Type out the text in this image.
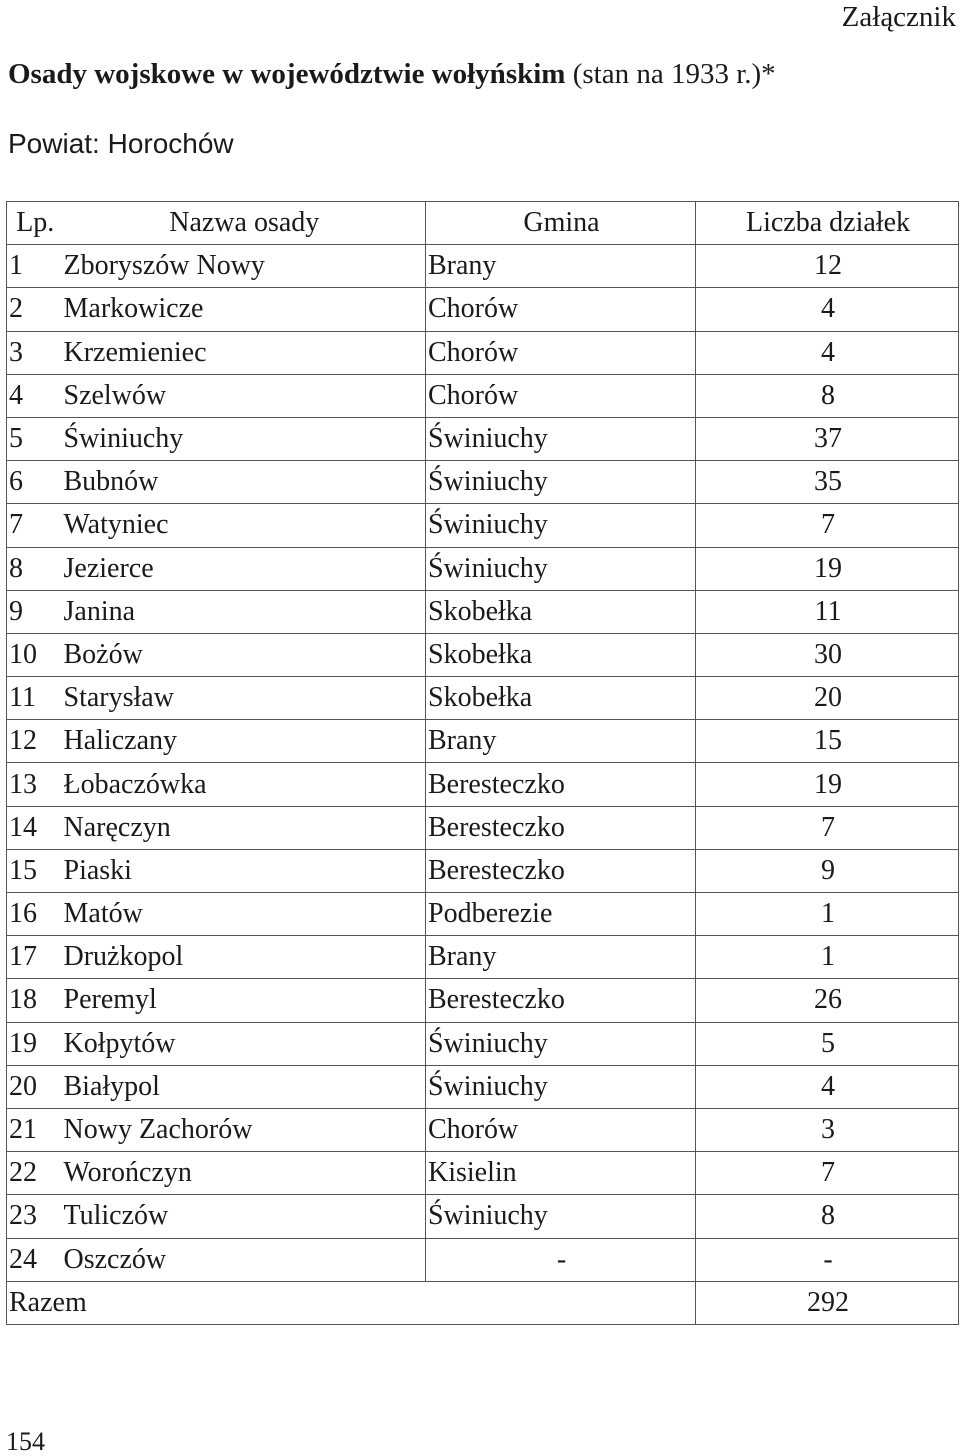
Załącznik
Osady wojskowe w województwie wołyńskim (stan na 1933 r.)*
Powiat: Horochów
Lp.	Nazwa osady	Gmina	Liczba działek
1	Zboryszów Nowy	Brany	12
2	Markowicze	Chorów	4
3	Krzemieniec	Chorów	4
4	Szelwów	Chorów	8
5	Świniuchy	Świniuchy	37
6	Bubnów	Świniuchy	35
7	Watyniec	Świniuchy	7
8	Jezierce	Świniuchy	19
9	Janina	Skobełka	11
10	Bożów	Skobełka	30
11	Starysław	Skobełka	20
12	Haliczany	Brany	15
13	Łobaczówka	Beresteczko	19
14	Naręczyn	Beresteczko	7
15	Piaski	Beresteczko	9
16	Matów	Podberezie	1
17	Drużkopol	Brany	1
18	Peremyl	Beresteczko	26
19	Kołpytów	Świniuchy	5
20	Białypol	Świniuchy	4
21	Nowy Zachorów	Chorów	3
22	Worończyn	Kisielin	7
23	Tuliczów	Świniuchy	8
24	Oszczów	-	-
Razem			292
154
